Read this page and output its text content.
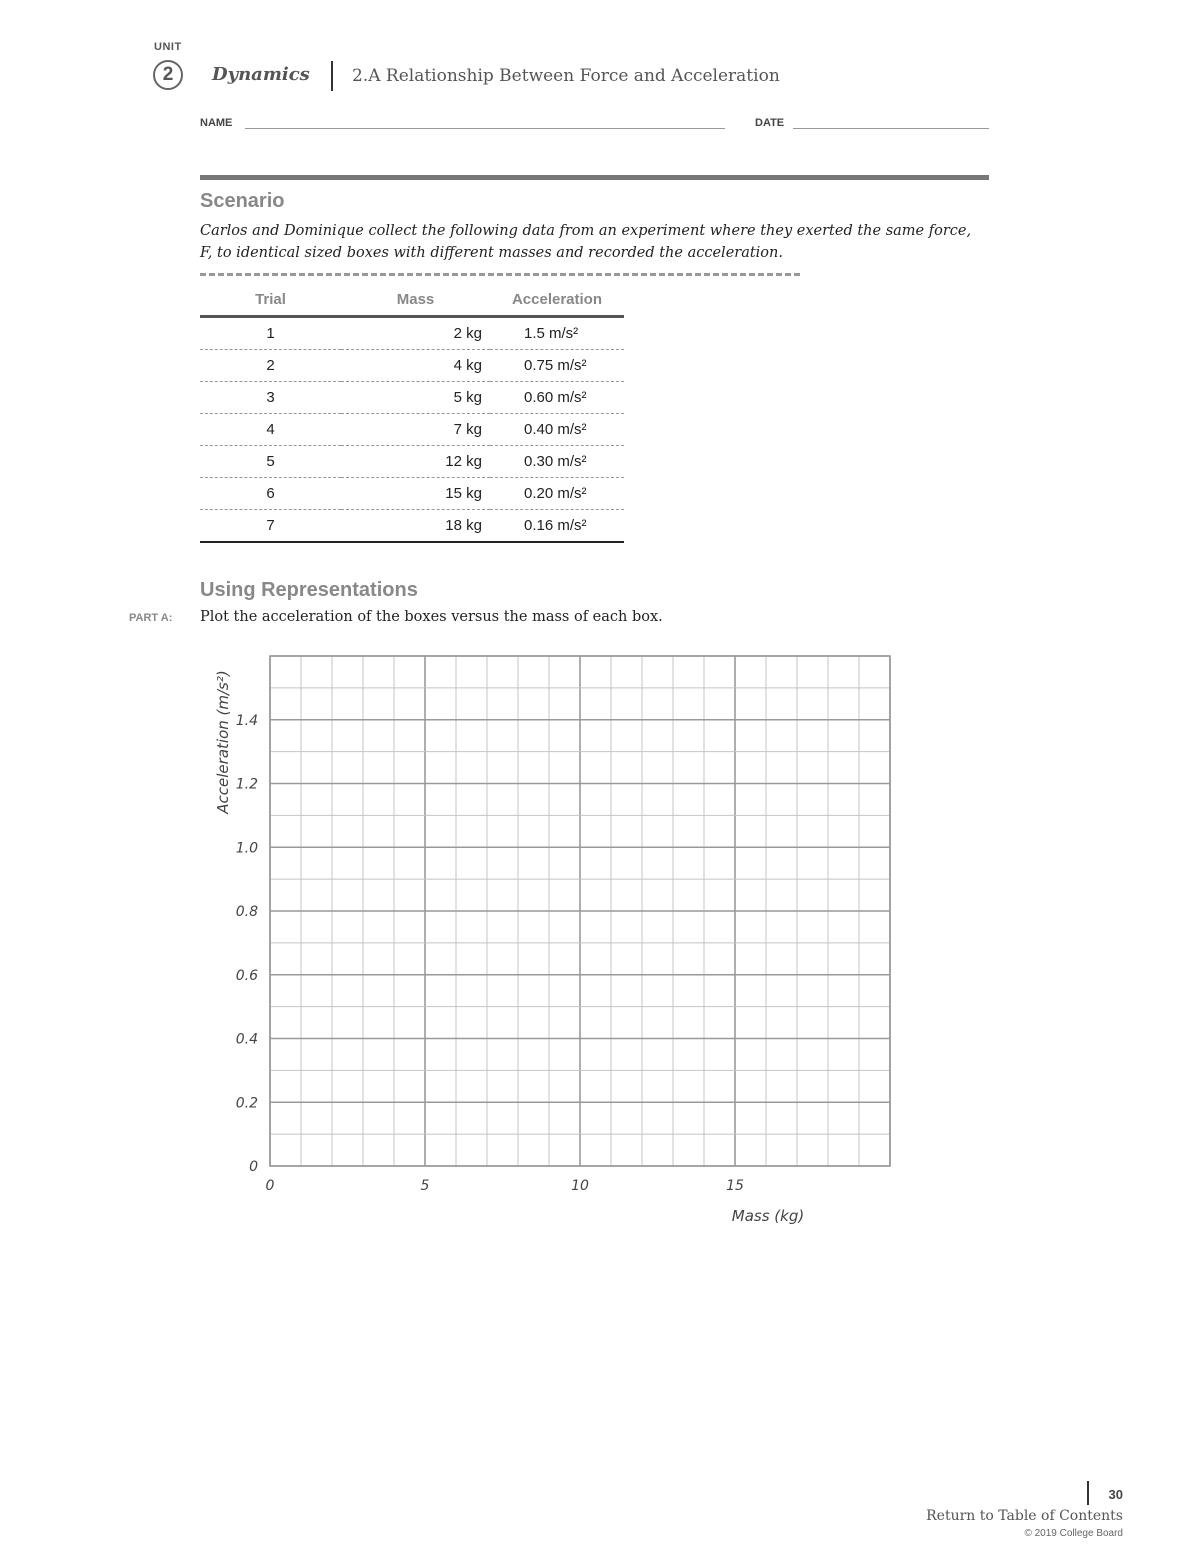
UNIT
2 Dynamics 2.A Relationship Between Force and Acceleration
NAME	DATE
Scenario
Carlos and Dominique collect the following data from an experiment where they exerted the same force,
F, to identical sized boxes with different masses and recorded the acceleration.
Trial	Mass	Acceleration
1	2 kg	1.5 m/s²
2	4 kg	0.75 m/s²
3	5 kg	0.60 m/s²
4	7 kg	0.40 m/s²
5	12 kg	0.30 m/s²
6	15 kg	0.20 m/s²
7	18 kg	0.16 m/s²
Using Representations
PART A: Plot the acceleration of the boxes versus the mass of each box.
0	5	10	15
0
0.2
0.4
0.6
0.8
1.0
1.2
1.4
Mass (kg)
Acceleration (m/s²)
30
Return to Table of Contents
© 2019 College Board
